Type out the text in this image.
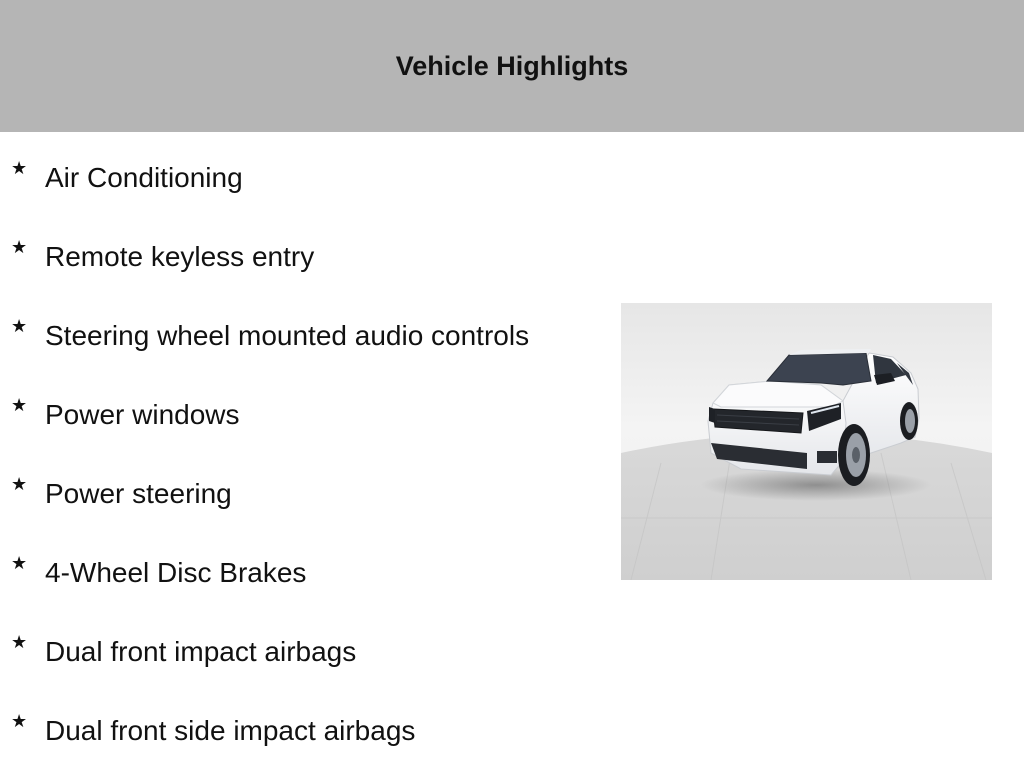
Vehicle Highlights
★ Air Conditioning
★ Remote keyless entry
★ Steering wheel mounted audio controls
★ Power windows
★ Power steering
★ 4-Wheel Disc Brakes
★ Dual front impact airbags
★ Dual front side impact airbags
